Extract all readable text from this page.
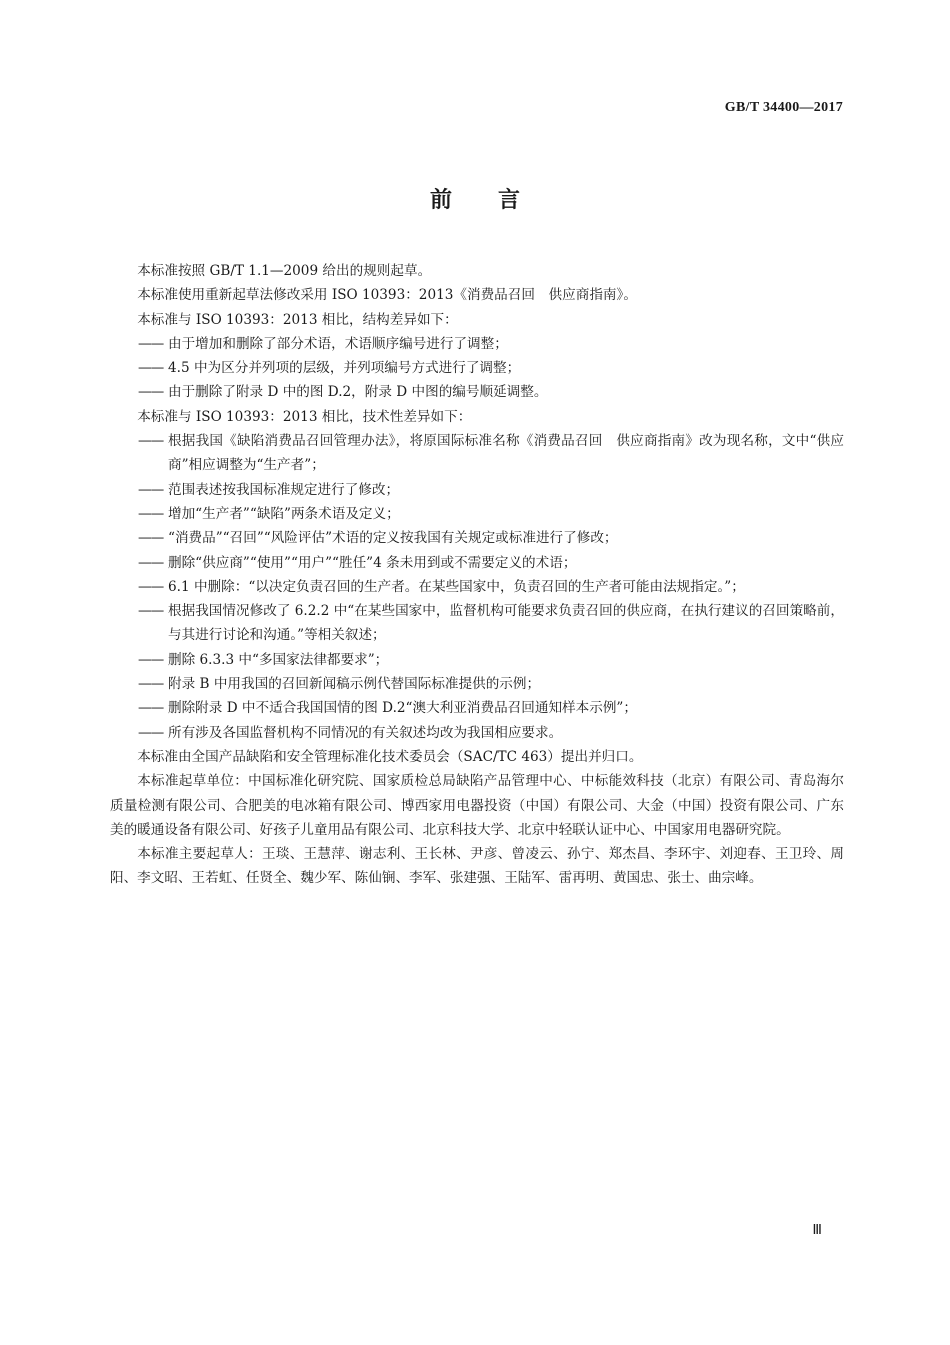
GB/T 34400—2017
前言

本标准按照 GB/T 1.1—2009 给出的规则起草。

本标准使用重新起草法修改采用 ISO 10393：2013《消费品召回　供应商指南》。

本标准与 ISO 10393：2013 相比，结构差异如下：

—— 由于增加和删除了部分术语，术语顺序编号进行了调整；

—— 4.5 中为区分并列项的层级，并列项编号方式进行了调整；

—— 由于删除了附录 D 中的图 D.2，附录 D 中图的编号顺延调整。

本标准与 ISO 10393：2013 相比，技术性差异如下：

—— 根据我国《缺陷消费品召回管理办法》，将原国际标准名称《消费品召回　供应商指南》改为现名称，文中“供应商”相应调整为“生产者”；

—— 范围表述按我国标准规定进行了修改；

—— 增加“生产者”“缺陷”两条术语及定义；

—— “消费品”“召回”“风险评估”术语的定义按我国有关规定或标准进行了修改；

—— 删除“供应商”“使用”“用户”“胜任”4 条未用到或不需要定义的术语；

—— 6.1 中删除：“以决定负责召回的生产者。在某些国家中，负责召回的生产者可能由法规指定。”；

—— 根据我国情况修改了 6.2.2 中“在某些国家中，监督机构可能要求负责召回的供应商，在执行建议的召回策略前，与其进行讨论和沟通。”等相关叙述；

—— 删除 6.3.3 中“多国家法律都要求”；

—— 附录 B 中用我国的召回新闻稿示例代替国际标准提供的示例；

—— 删除附录 D 中不适合我国国情的图 D.2“澳大利亚消费品召回通知样本示例”；

—— 所有涉及各国监督机构不同情况的有关叙述均改为我国相应要求。

本标准由全国产品缺陷和安全管理标准化技术委员会（SAC/TC 463）提出并归口。

本标准起草单位：中国标准化研究院、国家质检总局缺陷产品管理中心、中标能效科技（北京）有限公司、青岛海尔质量检测有限公司、合肥美的电冰箱有限公司、博西家用电器投资（中国）有限公司、大金（中国）投资有限公司、广东美的暖通设备有限公司、好孩子儿童用品有限公司、北京科技大学、北京中轻联认证中心、中国家用电器研究院。

本标准主要起草人：王琰、王慧萍、谢志利、王长林、尹彦、曾凌云、孙宁、郑杰昌、李环宇、刘迎春、王卫玲、周阳、李文昭、王若虹、任贤全、魏少军、陈仙锎、李军、张建强、王陆军、雷再明、黄国忠、张士、曲宗峰。

Ⅲ
